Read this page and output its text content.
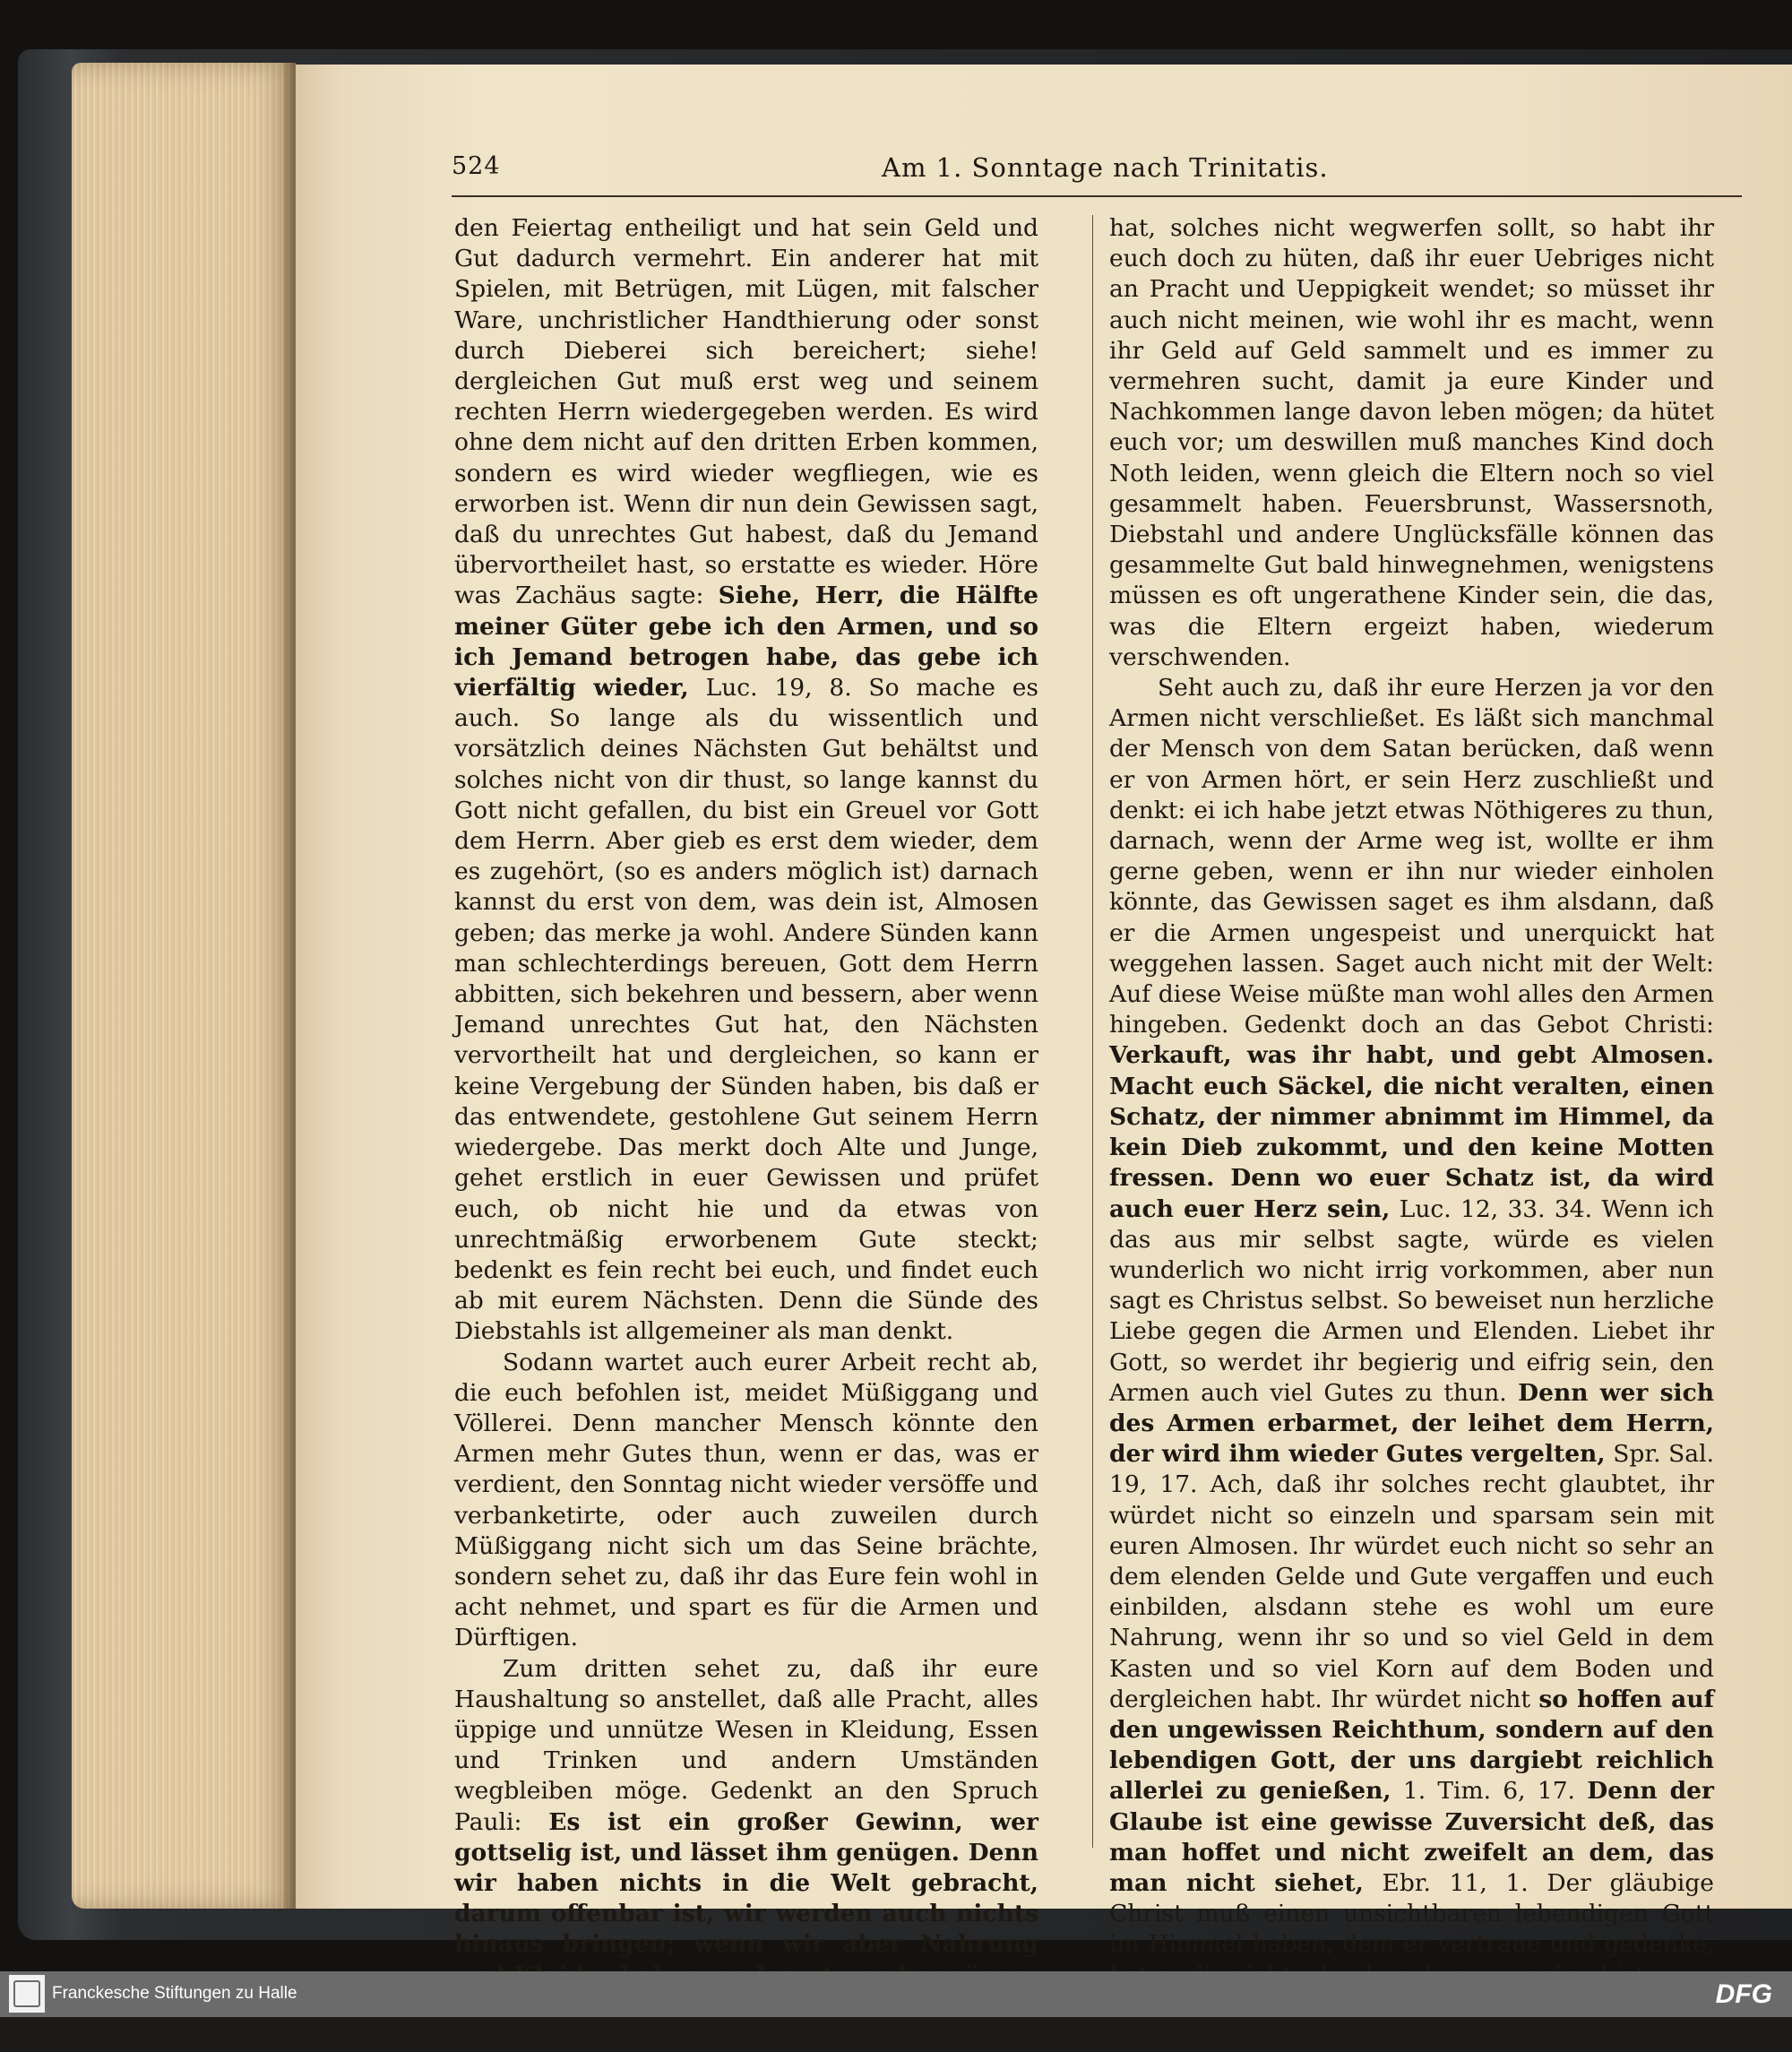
524	Am 1. Sonntage nach Trinitatis.

den Feiertag entheiligt und hat sein Geld und Gut dadurch vermehrt. Ein anderer hat mit Spielen, mit Betrügen, mit Lügen, mit falscher Ware, unchristlicher Handthierung oder sonst durch Dieberei sich bereichert; siehe! dergleichen Gut muß erst weg und seinem rechten Herrn wiedergegeben werden. Es wird ohne dem nicht auf den dritten Erben kommen, sondern es wird wieder wegfliegen, wie es erworben ist. Wenn dir nun dein Gewissen sagt, daß du unrechtes Gut habest, daß du Jemand übervortheilet hast, so erstatte es wieder. Höre was Zachäus sagte: Siehe, Herr, die Hälfte meiner Güter gebe ich den Armen, und so ich Jemand betrogen habe, das gebe ich vierfältig wieder, Luc. 19, 8. So mache es auch. So lange als du wissentlich und vorsätzlich deines Nächsten Gut behältst und solches nicht von dir thust, so lange kannst du Gott nicht gefallen, du bist ein Greuel vor Gott dem Herrn. Aber gieb es erst dem wieder, dem es zugehört, (so es anders möglich ist) darnach kannst du erst von dem, was dein ist, Almosen geben; das merke ja wohl. Andere Sünden kann man schlechterdings bereuen, Gott dem Herrn abbitten, sich bekehren und bessern, aber wenn Jemand unrechtes Gut hat, den Nächsten vervortheilt hat und dergleichen, so kann er keine Vergebung der Sünden haben, bis daß er das entwendete, gestohlene Gut seinem Herrn wiedergebe. Das merkt doch Alte und Junge, gehet erstlich in euer Gewissen und prüfet euch, ob nicht hie und da etwas von unrechtmäßig erworbenem Gute steckt; bedenkt es fein recht bei euch, und findet euch ab mit eurem Nächsten. Denn die Sünde des Diebstahls ist allgemeiner als man denkt.

Sodann wartet auch eurer Arbeit recht ab, die euch befohlen ist, meidet Müßiggang und Völlerei. Denn mancher Mensch könnte den Armen mehr Gutes thun, wenn er das, was er verdient, den Sonntag nicht wieder versöffe und verbanketirte, oder auch zuweilen durch Müßiggang nicht sich um das Seine brächte, sondern sehet zu, daß ihr das Eure fein wohl in acht nehmet, und spart es für die Armen und Dürftigen.

Zum dritten sehet zu, daß ihr eure Haushaltung so anstellet, daß alle Pracht, alles üppige und unnütze Wesen in Kleidung, Essen und Trinken und andern Umständen wegbleiben möge. Gedenkt an den Spruch Pauli: Es ist ein großer Gewinn, wer gottselig ist, und lässet ihm genügen. Denn wir haben nichts in die Welt gebracht, darum offenbar ist, wir werden auch nichts hinaus bringen; wenn wir aber Nahrung Gott ein mehreres gegeben

hat, solches nicht wegwerfen sollt, so habt ihr euch doch zu hüten, daß ihr euer Uebriges nicht an Pracht und Ueppigkeit wendet; so müsset ihr auch nicht meinen, wie wohl ihr es macht, wenn ihr Geld auf Geld sammelt und es immer zu vermehren sucht, damit ja eure Kinder und Nachkommen lange davon leben mögen; da hütet euch vor; um deswillen muß manches Kind doch Noth leiden, wenn gleich die Eltern noch so viel gesammelt haben. Feuersbrunst, Wassersnoth, Diebstahl und andere Unglücksfälle können das gesammelte Gut bald hinwegnehmen, wenigstens müssen es oft ungerathene Kinder sein, die das, was die Eltern ergeizt haben, wiederum verschwenden.

Seht auch zu, daß ihr eure Herzen ja vor den Armen nicht verschließet. Es läßt sich manchmal der Mensch von dem Satan berücken, daß wenn er von Armen hört, er sein Herz zuschließt und denkt: ei ich habe jetzt etwas Nöthigeres zu thun, darnach, wenn der Arme weg ist, wollte er ihm gerne geben, wenn er ihn nur wieder einholen könnte, das Gewissen saget es ihm alsdann, daß er die Armen ungespeist und unerquickt hat weggehen lassen. Saget auch nicht mit der Welt: Auf diese Weise müßte man wohl alles den Armen hingeben. Gedenkt doch an das Gebot Christi: Verkauft, was ihr habt, und gebt Almosen. Macht euch Säckel, die nicht veralten, einen Schatz, der nimmer abnimmt im Himmel, da kein Dieb zukommt, und den keine Motten fressen. Denn wo euer Schatz ist, da wird auch euer Herz sein, Luc. 12, 33. 34. Wenn ich das aus mir selbst sagte, würde es vielen wunderlich wo nicht irrig vorkommen, aber nun sagt es Christus selbst. So beweiset nun herzliche Liebe gegen die Armen und Elenden. Liebet ihr Gott, so werdet ihr begierig und eifrig sein, den Armen auch viel Gutes zu thun. Denn wer sich des Armen erbarmet, der leihet dem Herrn, der wird ihm wieder Gutes vergelten, Spr. Sal. 19, 17. Ach, daß ihr solches recht glaubtet, ihr würdet nicht so einzeln und sparsam sein mit euren Almosen. Ihr würdet euch nicht so sehr an dem elenden Gelde und Gute vergaffen und euch einbilden, alsdann stehe es wohl um eure Nahrung, wenn ihr so und so viel Geld in dem Kasten und so viel Korn auf dem Boden und dergleichen habt. Ihr würdet nicht so hoffen auf den ungewissen Reichthum, sondern auf den lebendigen Gott, der uns dargiebt reichlich allerlei zu genießen, 1. Tim. 6, 17. Denn der Glaube ist eine gewisse Zuversicht deß, das man hoffet und nicht zweifelt an dem, das man nicht siehet, Ebr. 11, 1. Der gläubige Christ muß einen unsichtbaren lebendigen Gott im Himmel haben, dem er vertraue und gedenke,

Franckesche Stiftungen zu Halle	DFG
